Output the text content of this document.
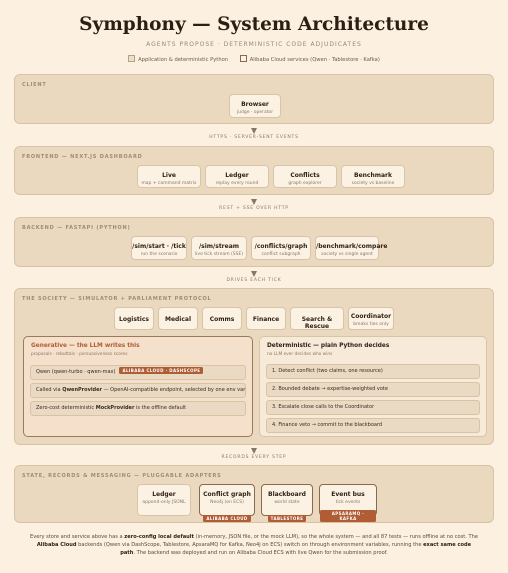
Symphony — System Architecture
AGENTS PROPOSE · DETERMINISTIC CODE ADJUDICATES
Application & deterministic Python	Alibaba Cloud services (Qwen · Tablestore · Kafka)
CLIENT
Browser
judge · operator
HTTPS · SERVER-SENT EVENTS
FRONTEND — NEXT.JS DASHBOARD
Live
map + command matrix
Ledger
replay every round
Conflicts
graph explorer
Benchmark
society vs baseline
REST + SSE OVER HTTP
BACKEND — FASTAPI (PYTHON)
/sim/start · /tick
run the scenario
/sim/stream
live tick stream (SSE)
/conflicts/graph
conflict subgraph
/benchmark/compare
society vs single agent
DRIVES EACH TICK
THE SOCIETY — SIMULATOR + PARLIAMENT PROTOCOL
Logistics	Medical	Comms	Finance	Search & Rescue
Coordinator
breaks ties only
Generative — the LLM writes this
proposals · rebuttals · persuasiveness scores
Qwen (qwen-turbo · qwen-max) ALIBABA CLOUD · DASHSCOPE
Called via QwenProvider — OpenAI-compatible endpoint, selected by one env var
Zero-cost deterministic MockProvider is the offline default
Deterministic — plain Python decides
no LLM ever decides who wins
1. Detect conflict (two claims, one resource)
2. Bounded debate → expertise-weighted vote
3. Escalate close calls to the Coordinator
4. Finance veto → commit to the blackboard
RECORDS EVERY STEP
STATE, RECORDS & MESSAGING — PLUGGABLE ADAPTERS
Ledger
append-only JSONL
Conflict graph
Neo4j (on ECS)
ALIBABA CLOUD
Blackboard
world state
TABLESTORE
Event bus
tick events
APSARAMQ · KAFKA
Every store and service above has a zero-config local default (in-memory, JSON file, or the mock LLM), so the whole system — and all 87 tests — runs offline at no cost. The Alibaba Cloud backends (Qwen via DashScope, Tablestore, ApsaraMQ for Kafka, Neo4j on ECS) switch on through environment variables, running the exact same code path. The backend was deployed and run on Alibaba Cloud ECS with live Qwen for the submission proof.
